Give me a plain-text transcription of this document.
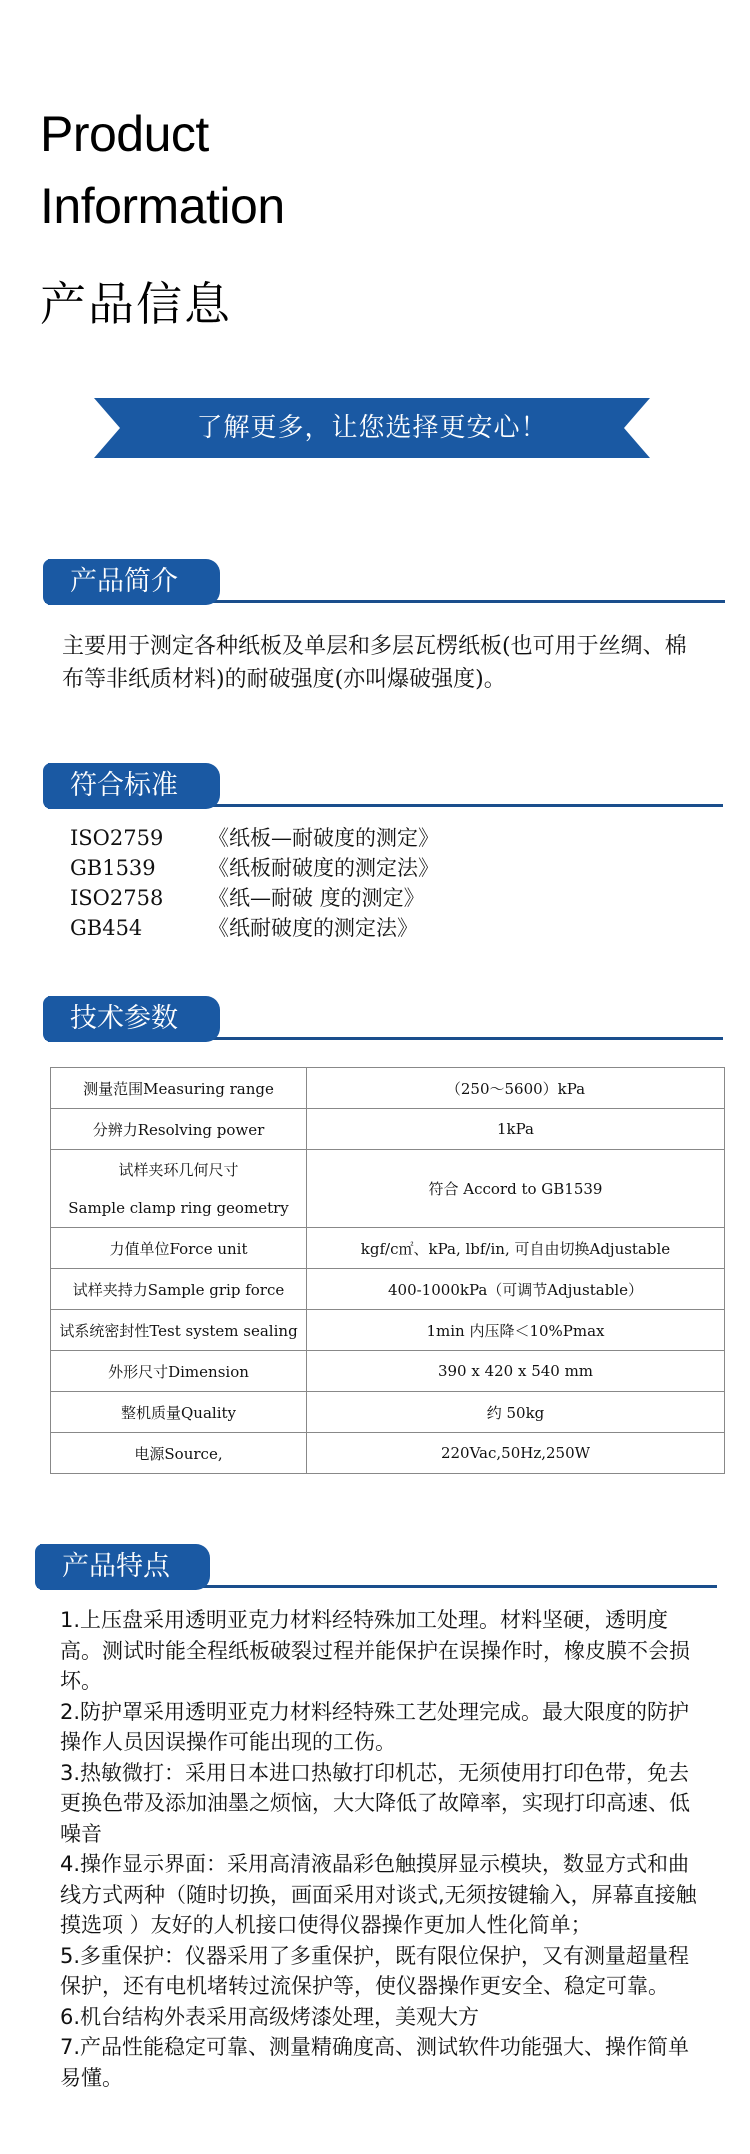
Product
Information
产品信息
了解更多，让您选择更安心！
产品简介
主要用于测定各种纸板及单层和多层瓦楞纸板(也可用于丝绸、棉布等非纸质材料)的耐破强度(亦叫爆破强度)。
符合标准
ISO2759 《纸板—耐破度的测定》
GB1539 《纸板耐破度的测定法》
ISO2758 《纸—耐破 度的测定》
GB454	《纸耐破度的测定法》
技术参数
测量范围Measuring range	（250～5600）kPa
分辨力Resolving power	1kPa

试样夹环几何尺寸
Sample clamp ring geometry	符合 Accord to GB1539
力值单位Force unit	kgf/c㎡、kPa, lbf/in, 可自由切换Adjustable
试样夹持力Sample grip force	400-1000kPa（可调节Adjustable）
试系统密封性Test system sealing	1min 内压降＜10%Pmax
外形尺寸Dimension	390 x 420 x 540 mm
整机质量Quality	约 50kg
电源Source,	220Vac,50Hz,250W
产品特点

1.上压盘采用透明亚克力材料经特殊加工处理。材料坚硬，透明度高。测试时能全程纸板破裂过程并能保护在误操作时，橡皮膜不会损坏。

2.防护罩采用透明亚克力材料经特殊工艺处理完成。最大限度的防护操作人员因误操作可能出现的工伤。

3.热敏微打：采用日本进口热敏打印机芯，无须使用打印色带，免去更换色带及添加油墨之烦恼，大大降低了故障率，实现打印高速、低噪音

4.操作显示界面：采用高清液晶彩色触摸屏显示模块，数显方式和曲线方式两种（随时切换，画面采用对谈式,无须按键输入，屏幕直接触摸选项 ）友好的人机接口使得仪器操作更加人性化简单；

5.多重保护：仪器采用了多重保护，既有限位保护，又有测量超量程保护，还有电机堵转过流保护等，使仪器操作更安全、稳定可靠。

6.机台结构外表采用高级烤漆处理，美观大方

7.产品性能稳定可靠、测量精确度高、测试软件功能强大、操作简单易懂。
